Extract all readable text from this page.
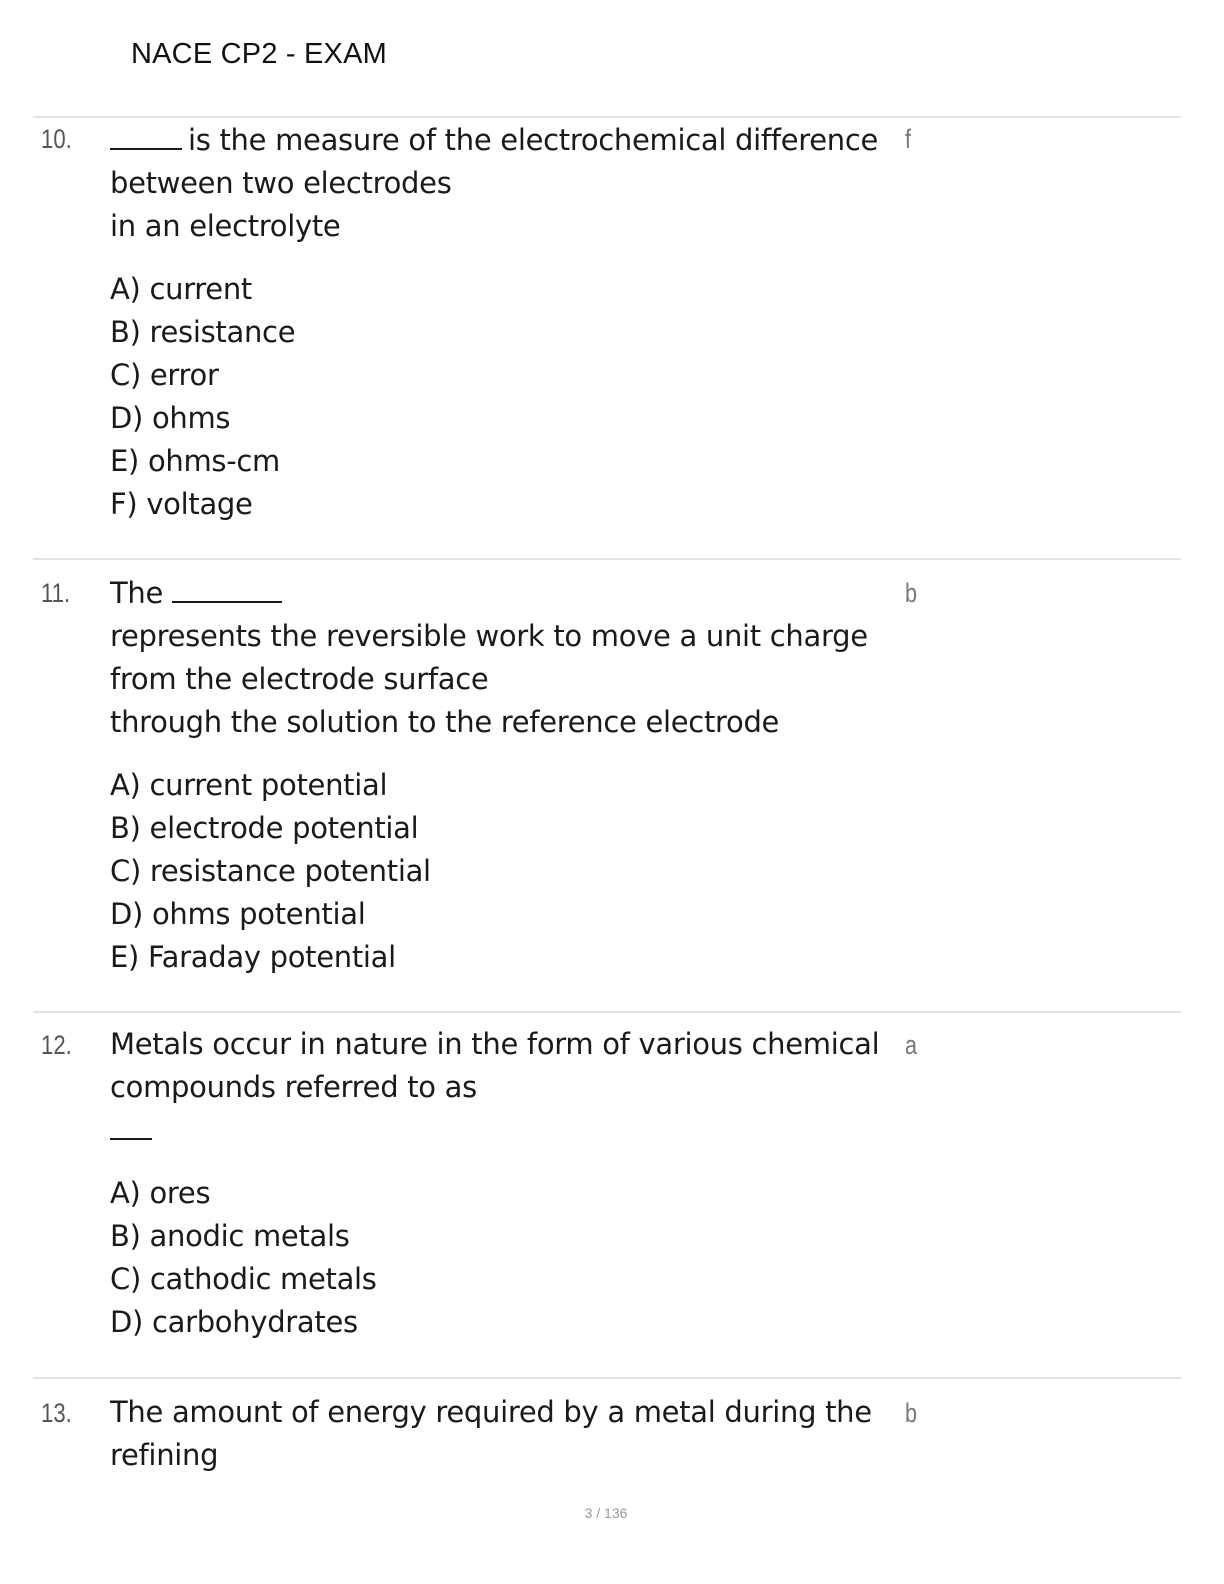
NACE CP2 - EXAM
10.	is the measure of the electrochemical difference
between two electrodes
in an electrolyte
A) current
B) resistance
C) error
D) ohms
E) ohms-cm
F) voltage
f
11. The
represents the reversible work to move a unit charge
from the electrode surface
through the solution to the reference electrode
A) current potential
B) electrode potential
C) resistance potential
D) ohms potential
E) Faraday potential
b
12. Metals occur in nature in the form of various chemical
compounds referred to as
A) ores
B) anodic metals
C) cathodic metals
D) carbohydrates
a
13. The amount of energy required by a metal during the
refining
b
3 / 136
